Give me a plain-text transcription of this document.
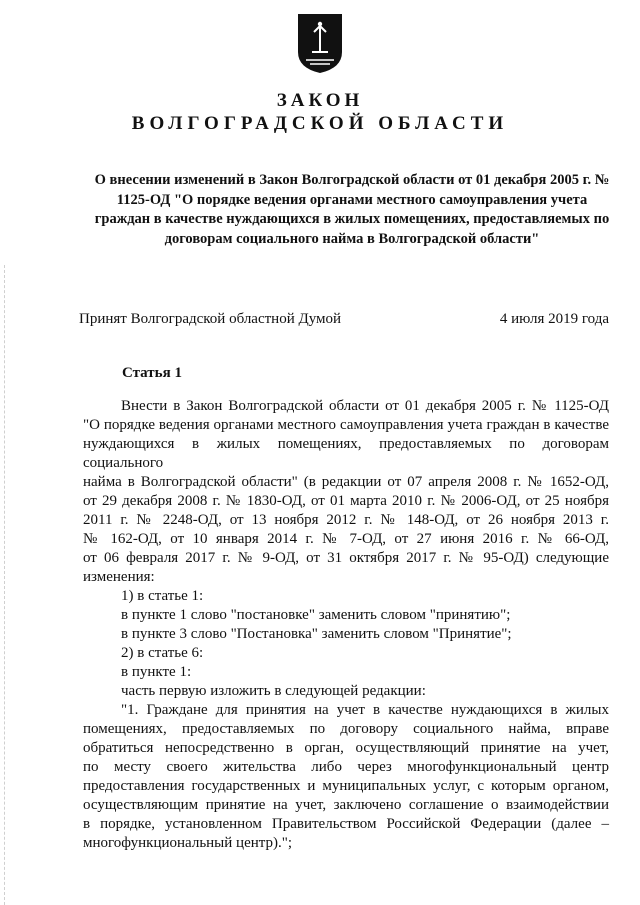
ЗАКОН
ВОЛГОГРАДСКОЙ ОБЛАСТИ
О внесении изменений в Закон Волгоградской области от 01 декабря 2005 г. № 1125-ОД "О порядке ведения органами местного самоуправления учета граждан в качестве нуждающихся в жилых помещениях, предоставляемых по договорам социального найма в Волгоградской области"
Принят Волгоградской областной Думой	4 июля 2019 года
Статья 1

Внести в Закон Волгоградской области от 01 декабря 2005 г. № 1125-ОД

"О порядке ведения органами местного самоуправления учета граждан в качестве

нуждающихся в жилых помещениях, предоставляемых по договорам социального

найма в Волгоградской области" (в редакции от 07 апреля 2008 г. № 1652-ОД,

от 29 декабря 2008 г. № 1830-ОД, от 01 марта 2010 г. № 2006-ОД, от 25 ноября

2011 г. № 2248-ОД, от 13 ноября 2012 г. № 148-ОД, от 26 ноября 2013 г.

№ 162-ОД, от 10 января 2014 г. № 7-ОД, от 27 июня 2016 г. № 66-ОД,

от 06 февраля 2017 г. № 9-ОД, от 31 октября 2017 г. № 95-ОД) следующие

изменения:

1) в статье 1:

в пункте 1 слово "постановке" заменить словом "принятию";

в пункте 3 слово "Постановка" заменить словом "Принятие";

2) в статье 6:

в пункте 1:

часть первую изложить в следующей редакции:

"1. Граждане для принятия на учет в качестве нуждающихся в жилых

помещениях, предоставляемых по договору социального найма, вправе

обратиться непосредственно в орган, осуществляющий принятие на учет,

по месту своего жительства либо через многофункциональный центр

предоставления государственных и муниципальных услуг, с которым органом,

осуществляющим принятие на учет, заключено соглашение о взаимодействии

в порядке, установленном Правительством Российской Федерации (далее –

многофункциональный центр).";
